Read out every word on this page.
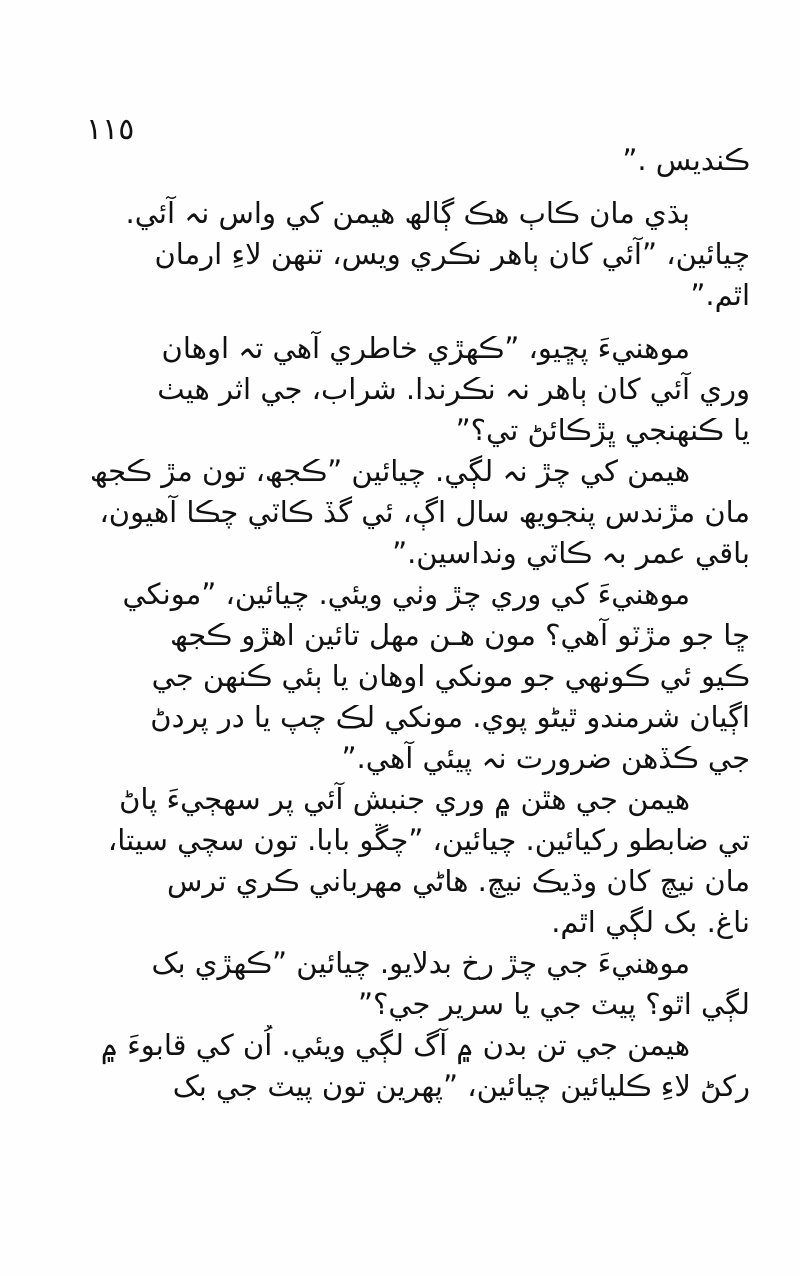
١١٥
ڪنديس .”
ٻڌي مان ڪاٻ هڪ ڳالھ هيمن کي واس نہ آئي.
چيائين، ”آئي کان ٻاهر نڪري ويس، تنهن لاءِ ارمان
اٿم.”
موهنيءَ پڇيو، ”ڪهڙي خاطري آهي تہ اوهان
وري آئي کان ٻاهر نہ نڪرندا. شراب، جي اثر هيٺ
يا ڪنهنجي ڀڙڪائڻ تي؟”
هيمن کي چڙ نہ لڳي. چيائين ”ڪجھ، تون مڙ ڪجھ
مان مڙندس پنجويھ سال اڳ، ئي گڏ ڪاٽي چڪا آهيون،
باقي عمر بہ ڪاٽي ونداسين.”
موهنيءَ کي وري چڙ وٺي ويئي. چيائين، ”مونکي
ڇا جو مڙٽو آهي؟ مون هـن مهل تائين اهڙو ڪجھ
ڪيو ئي ڪونهي جو مونکي اوهان يا ٻئي ڪنهن جي
اڳيان شرمندو ٿيڻو پوي. مونکي لڪ چپ يا در پردڻ
جي ڪڏهن ضرورت نہ پيئي آهي.”
هيمن جي هٿن ۾ وري جنبش آئي پر سهڄيءَ پاڻ
تي ضابطو رکيائين. چيائين، ”چڱو بابا. تون سچي سيتا،
مان نيچ کان وڌيڪ نيچ. هاڻي مهرباني ڪري ترس
ناغ. بک لڳي اٿم.
موهنيءَ جي چڙ رخ بدلايو. چيائين ”ڪهڙي بک
لڳي اٿو؟ پيٽ جي يا سرير جي؟”
هيمن جي تن بدن ۾ آگ لڳي ويئي. اُن کي قابوءَ ۾
رکڻ لاءِ ڪليائين چيائين، ”پھرين تون پيٽ جي بک
